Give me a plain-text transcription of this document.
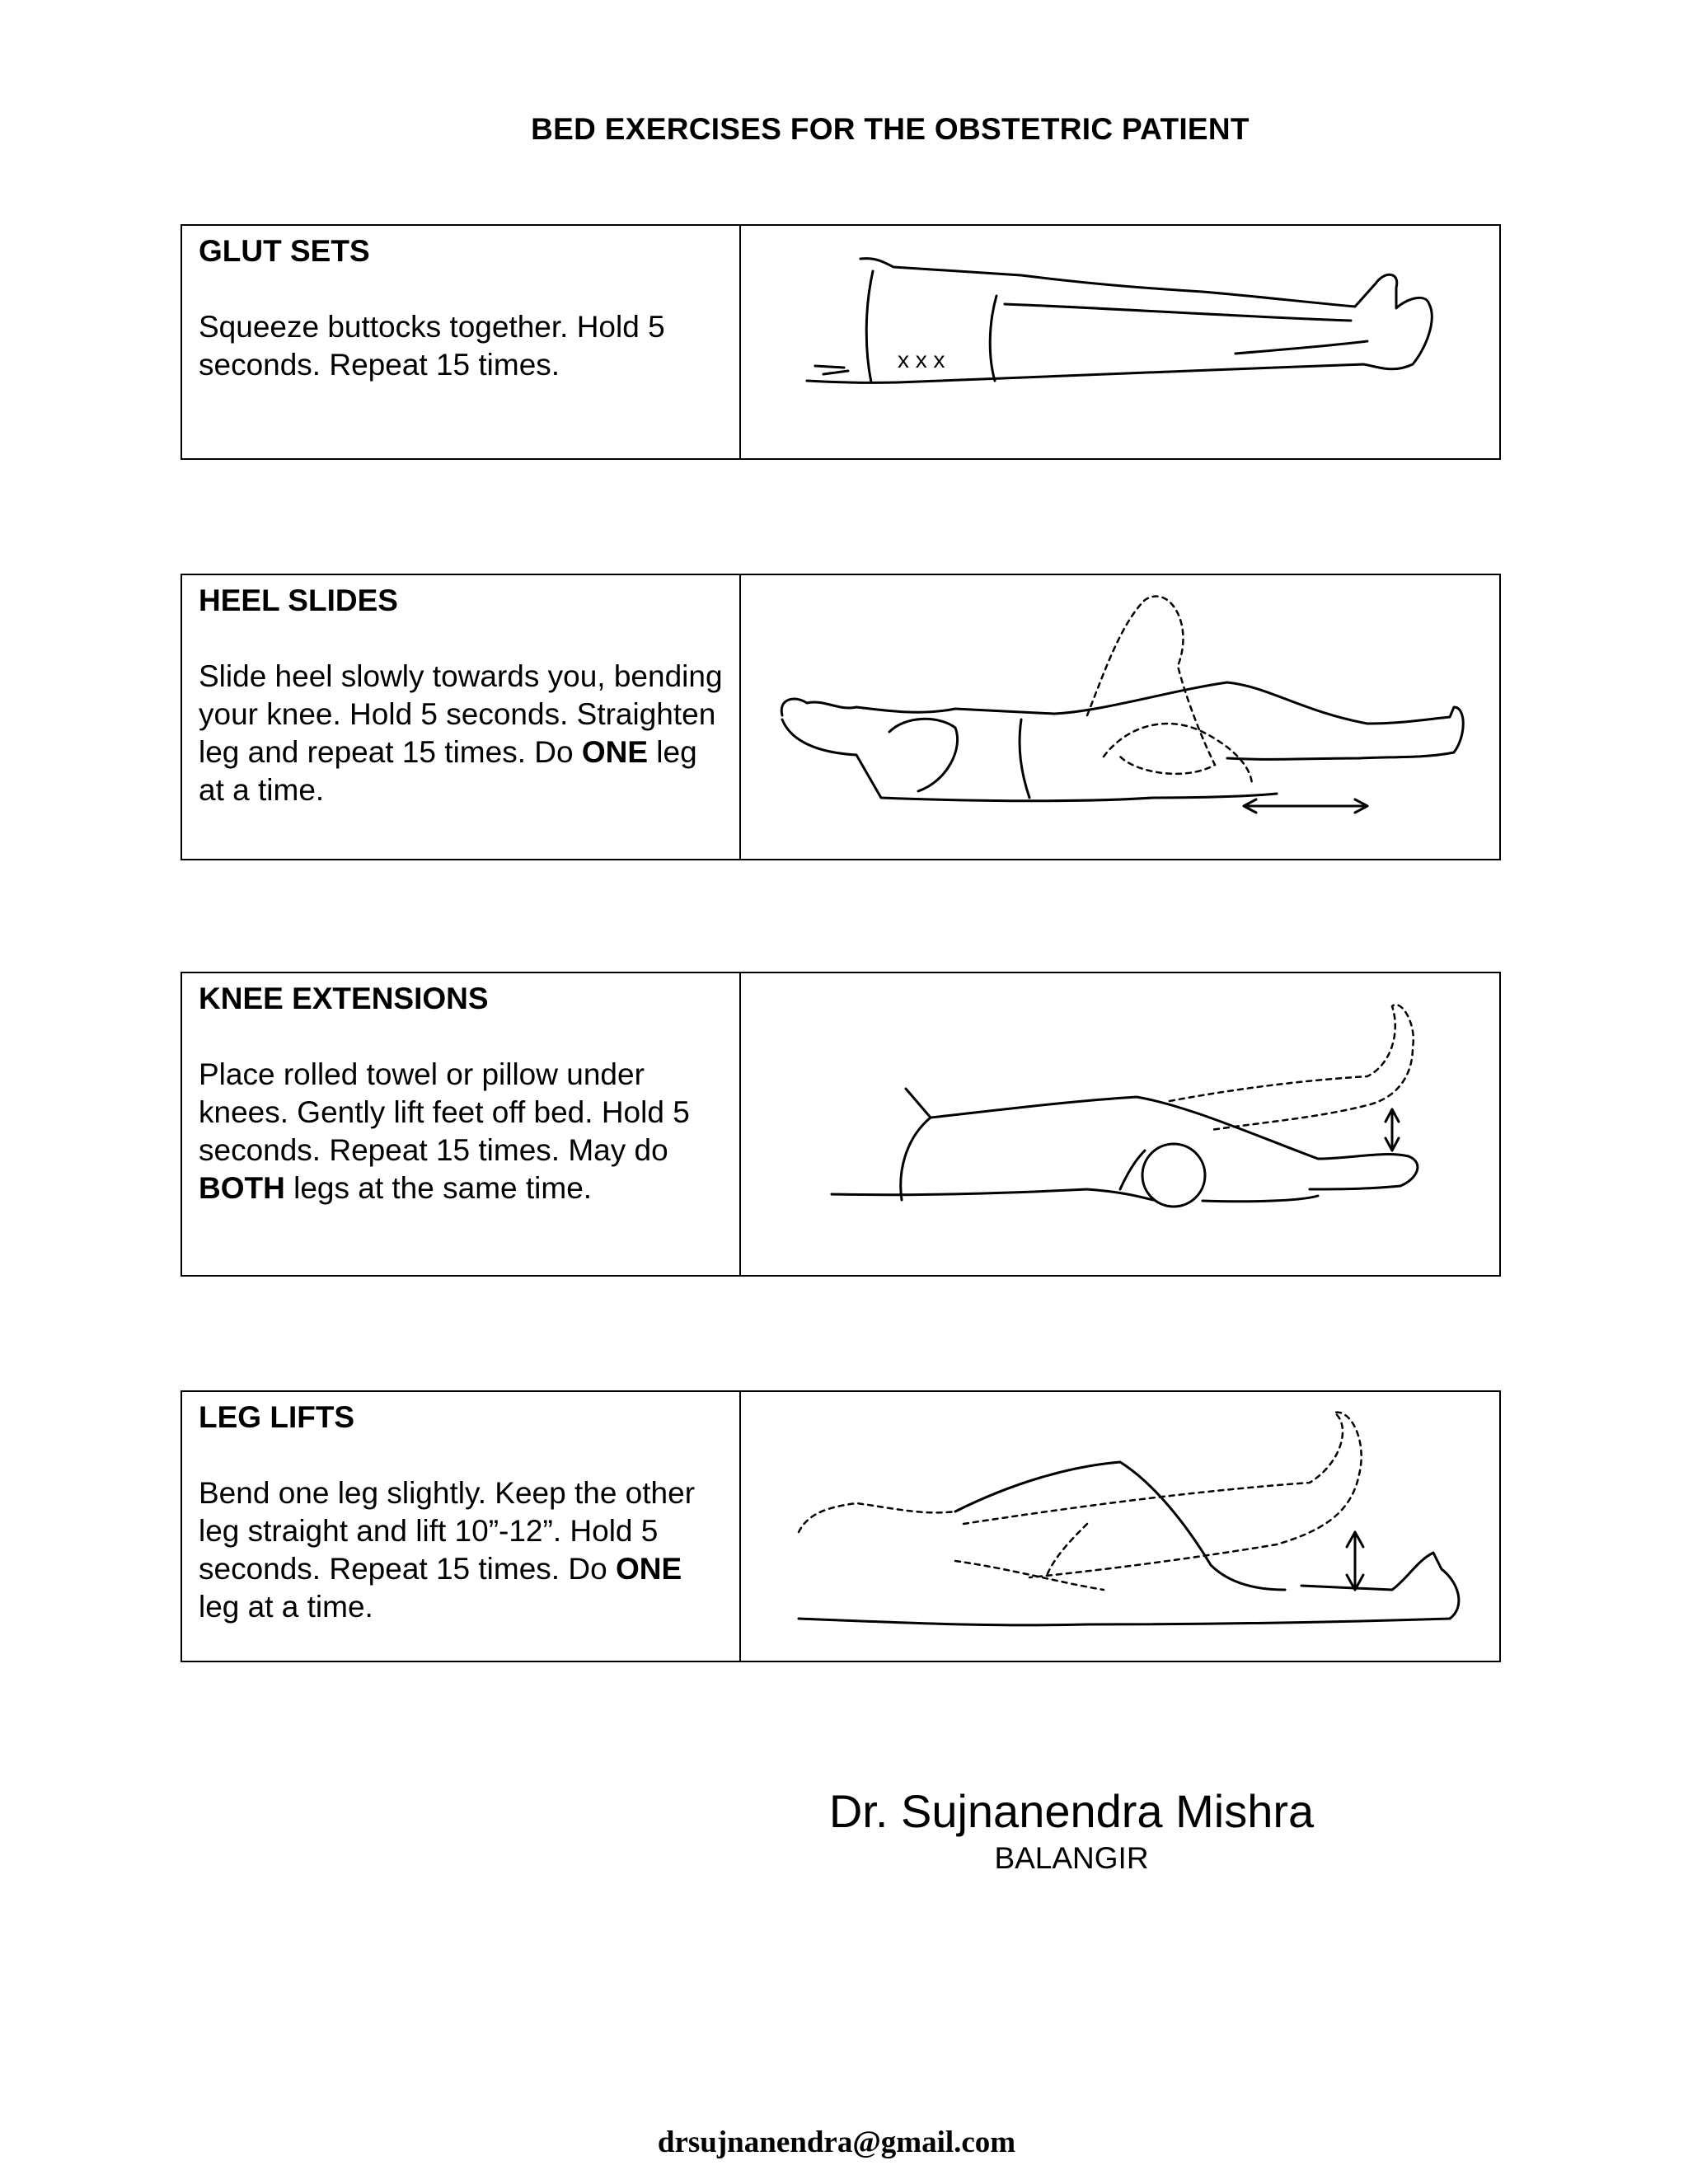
BED EXERCISES FOR THE OBSTETRIC PATIENT
GLUT SETS
Squeeze buttocks together. Hold 5 seconds. Repeat 15 times.	x x x
HEEL SLIDES
Slide heel slowly towards you, bending your knee. Hold 5 seconds. Straighten leg and repeat 15 times. Do ONE leg at a time.
KNEE EXTENSIONS
Place rolled towel or pillow under knees. Gently lift feet off bed. Hold 5 seconds. Repeat 15 times. May do BOTH legs at the same time.
LEG LIFTS
Bend one leg slightly. Keep the other leg straight and lift 10”-12”. Hold 5 seconds. Repeat 15 times. Do ONE leg at a time.
Dr. Sujnanendra Mishra
BALANGIR
drsujnanendra@gmail.com
